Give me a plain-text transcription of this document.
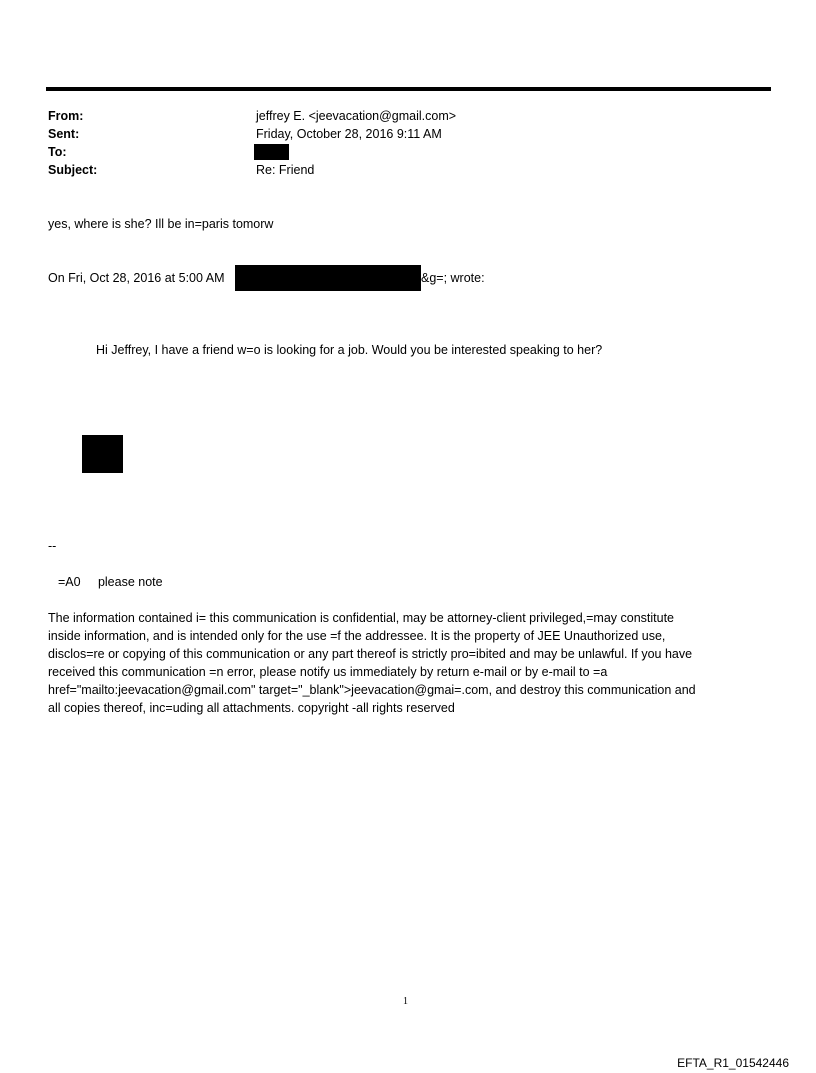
From:	jeffrey E. <jeevacation@gmail.com>
Sent:	Friday, October 28, 2016 9:11 AM
To:
Subject:	Re: Friend
yes, where is she? Ill be in=paris tomorw
On Fri, Oct 28, 2016 at 5:00 AM	&g=; wrote:
Hi Jeffrey, I have a friend w=o is looking for a job. Would you be interested speaking to her?
--
=A0     please note
The information contained i= this communication is confidential, may be attorney-client privileged,=may constitute
inside information, and is intended only for the use =f the addressee. It is the property of JEE Unauthorized use,
disclos=re or copying of this communication or any part thereof is strictly pro=ibited and may be unlawful. If you have
received this communication =n error, please notify us immediately by return e-mail or by e-mail to =a
href="mailto:jeevacation@gmail.com" target="_blank">jeevacation@gmai=.com, and destroy this communication and
all copies thereof, inc=uding all attachments. copyright -all rights reserved
1
EFTA_R1_01542446
